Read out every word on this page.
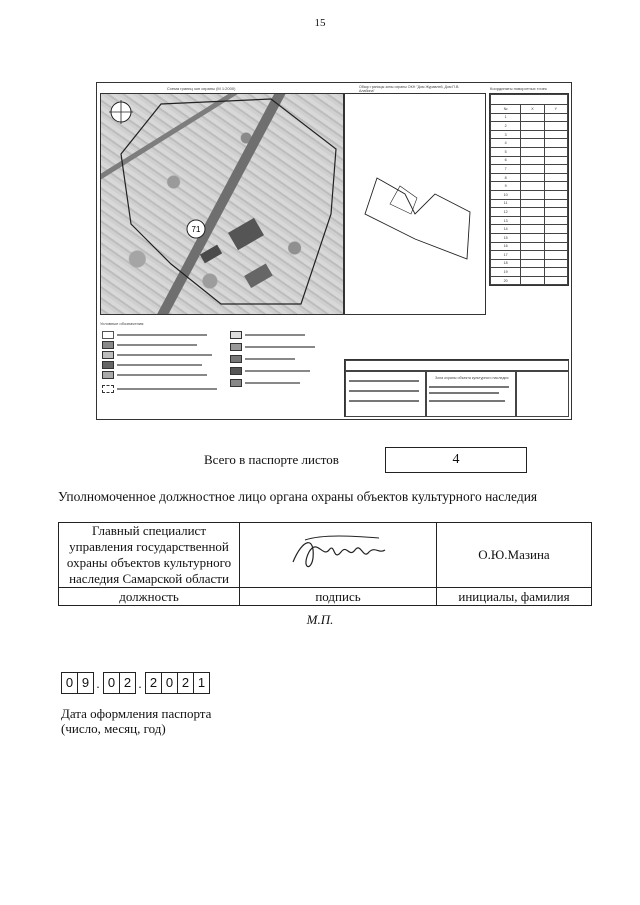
15
Схема границ зон охраны (М 1:2000)	Обзор границы зоны охраны ОКН "Дом Журавлей, Дом П.В. Алабина"	Координаты поворотных точек
71

№	X	Y
1		
2		
3		
4		
5		
6		
7		
8		
9		
10		
11		
12		
13		
14		
15		
16		
17		
18		
19		
20		
Условные обозначения:
Зона охраны объекта культурного наследия
Всего в паспорте листов	4
Уполномоченное должностное лицо органа охраны объектов культурного наследия
Главный специалист
управления государственной
охраны объектов культурного
наследия Самарской области		О.Ю.Мазина
должность	подпись	инициалы, фамилия
М.П.
0 9 . 0 2 . 2 0 2 1
Дата оформления паспорта
(число, месяц, год)
